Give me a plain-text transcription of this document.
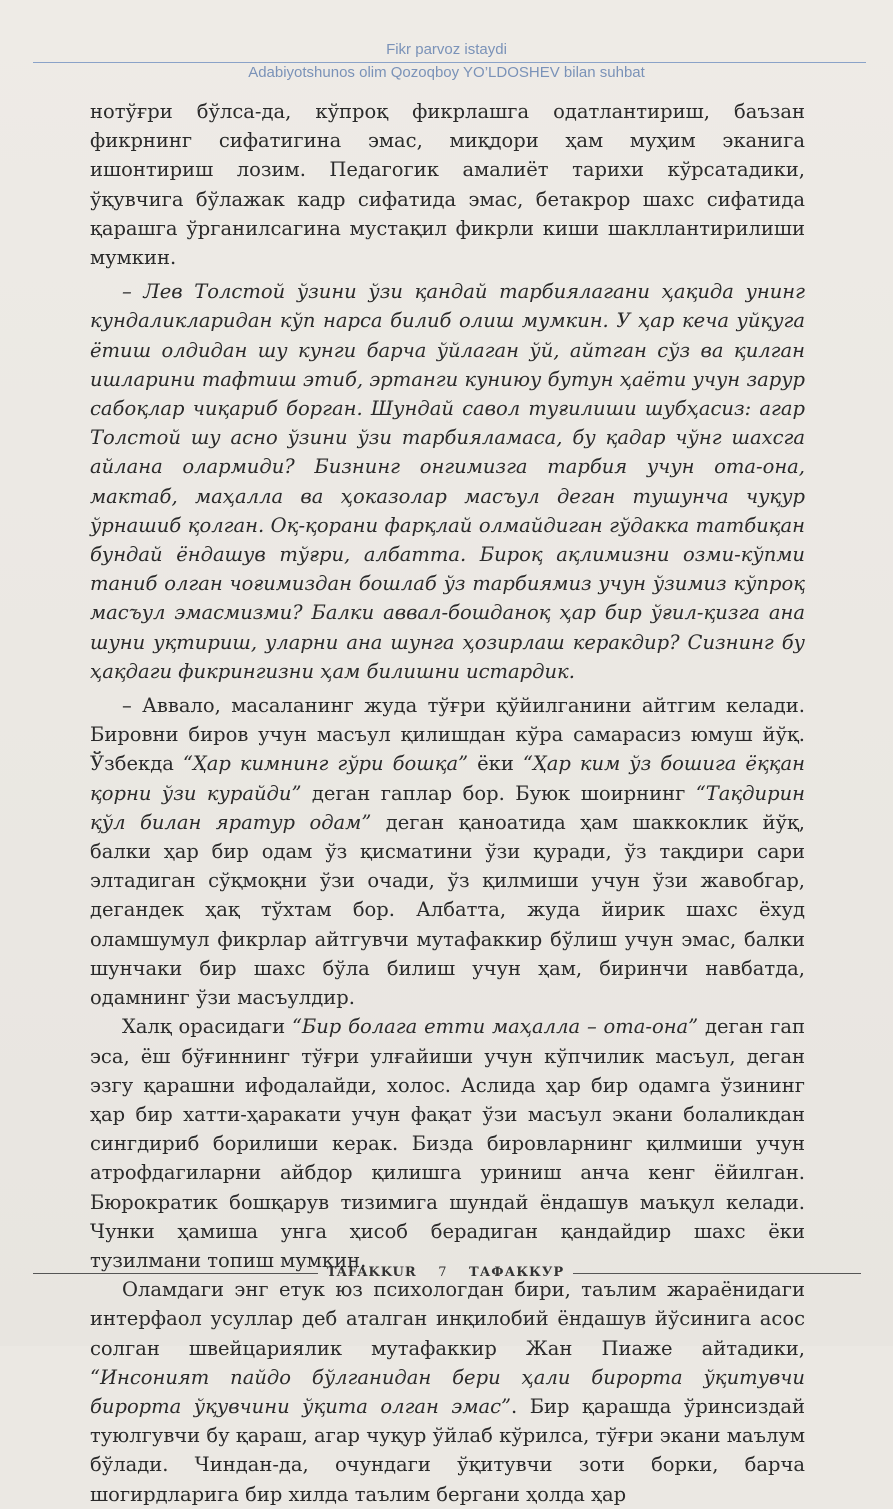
Fikr parvoz istaydi
Adabiyotshunos olim Qozoqboy YO’LDOSHEV bilan suhbat

нотўғри бўлса-да, кўпроқ фикрлашга одатлантириш, баъзан фикрнинг сифатигина эмас, миқдори ҳам муҳим эканига ишонтириш лозим. Педагогик амалиёт тарихи кўрсатадики, ўқувчига бўлажак кадр сифатида эмас, бетакрор шахс сифатида қарашга ўрганилсагина мустақил фикрли киши шакллантирилиши мумкин.

– Лев Толстой ўзини ўзи қандай тарбиялагани ҳақида унинг кундаликларидан кўп нарса билиб олиш мумкин. У ҳар кеча уйқуга ётиш олдидан шу кунги барча ўйлаган ўй, айтган сўз ва қилган ишларини тафтиш этиб, эртанги куниюу бутун ҳаёти учун зарур сабоқлар чиқариб борган. Шундай савол туғилиши шубҳасиз: агар Толстой шу асно ўзини ўзи тарбияламаса, бу қадар чўнг шахсга айлана олармиди? Бизнинг онгимизга тарбия учун ота-она, мактаб, маҳалла ва ҳоказолар масъул деган тушунча чуқур ўрнашиб қолган. Оқ-қорани фарқлай олмайдиган гўдакка татбиқан бундай ёндашув тўғри, албатта. Бироқ ақлимизни озми-кўпми таниб олган чоғимиздан бошлаб ўз тарбиямиз учун ўзимиз кўпроқ масъул эмасмизми? Балки аввал-бошданоқ ҳар бир ўғил-қизга ана шуни уқтириш, уларни ана шунга ҳозирлаш керакдир? Сизнинг бу ҳақдаги фикрингизни ҳам билишни истардик.

– Аввало, масаланинг жуда тўғри қўйилганини айтгим келади. Бировни биров учун масъул қилишдан кўра самарасиз юмуш йўқ. Ўзбекда “Ҳар кимнинг гўри бошқа” ёки “Ҳар ким ўз бошига ёққан қорни ўзи курайди” деган гаплар бор. Буюк шоирнинг “Тақдирин қўл билан яратур одам” деган қаноатида ҳам шаккоклик йўқ, балки ҳар бир одам ўз қисматини ўзи қуради, ўз тақдири сари элтадиган сўқмоқни ўзи очади, ўз қилмиши учун ўзи жавобгар, дегандек ҳақ тўхтам бор. Албатта, жуда йирик шахс ёхуд оламшумул фикрлар айтгувчи мутафаккир бўлиш учун эмас, балки шунчаки бир шахс бўла билиш учун ҳам, биринчи навбатда, одамнинг ўзи масъулдир.

Халқ орасидаги “Бир болага етти маҳалла – ота-она” деган гап эса, ёш бўғиннинг тўғри улғайиши учун кўпчилик масъул, деган эзгу қарашни ифодалайди, холос. Аслида ҳар бир одамга ўзининг ҳар бир хатти-ҳаракати учун фақат ўзи масъул экани болаликдан сингдириб борилиши керак. Бизда бировларнинг қилмиши учун атрофдагиларни айбдор қилишга уриниш анча кенг ёйилган. Бюрократик бошқарув тизимига шундай ёндашув маъқул келади. Чунки ҳамиша унга ҳисоб берадиган қандайдир шахс ёки тузилмани топиш мумкин.

Оламдаги энг етук юз психологдан бири, таълим жараёнидаги интерфаол усуллар деб аталган инқилобий ёндашув йўсинига асос солган швейцариялик мутафаккир Жан Пиаже айтадики, “Инсоният пайдо бўлганидан бери ҳали бирорта ўқитувчи бирорта ўқувчини ўқита олган эмас”. Бир қарашда ўринсиздай туюлгувчи бу қараш, агар чуқур ўйлаб кўрилса, тўғри экани маълум бўлади. Чиндан-да, очундаги ўқитувчи зоти борки, барча шогирдларига бир хилда таълим бергани ҳолда ҳар

TAFAKKUR 7 ТАФАККУР
